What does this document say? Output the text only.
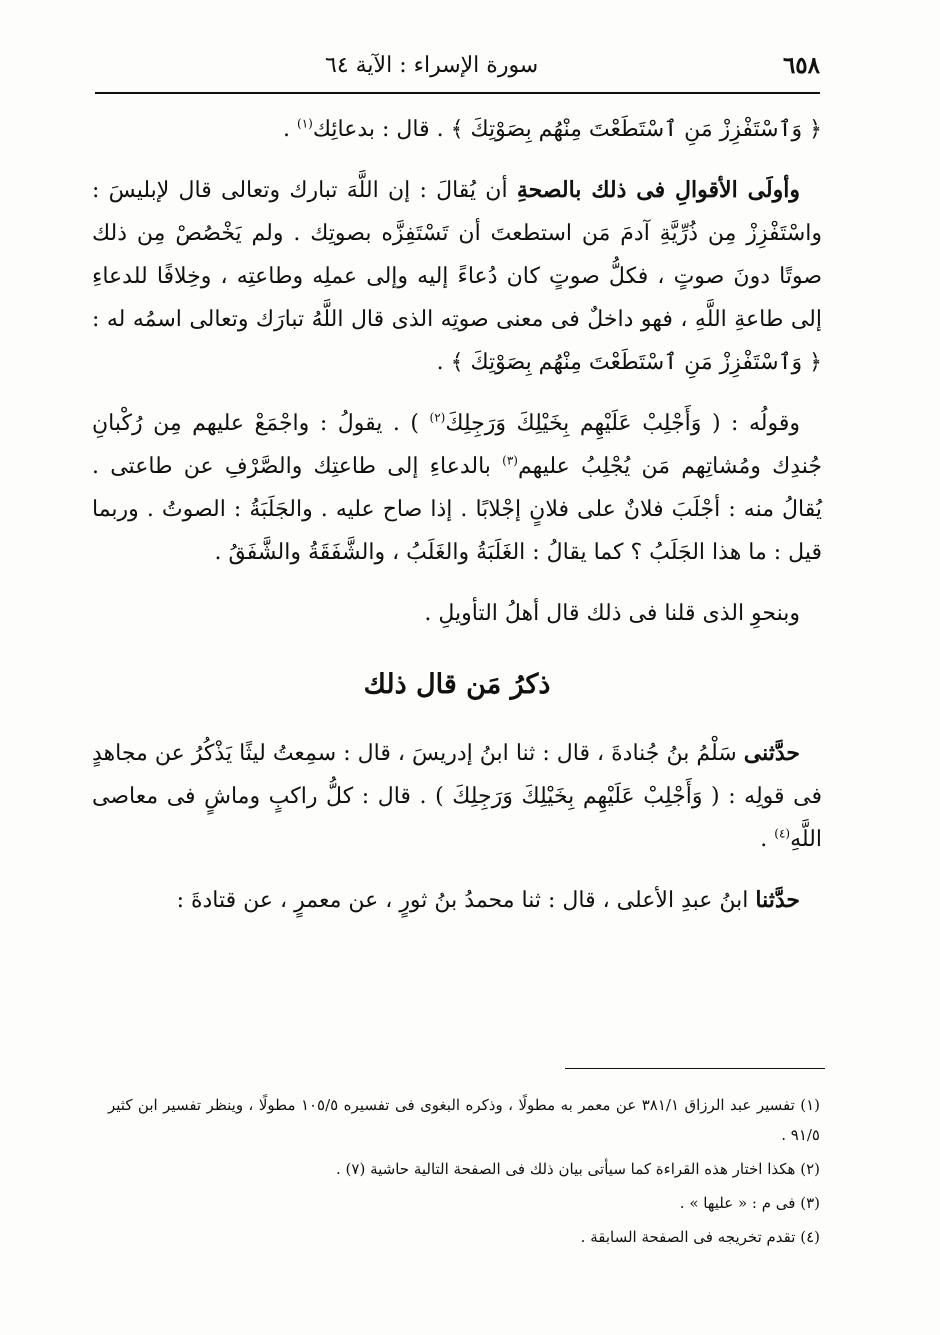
٦٥٨
سورة الإسراء : الآية ٦٤

﴿ وَٱسْتَفْزِزْ مَنِ ٱسْتَطَعْتَ مِنْهُم بِصَوْتِكَ ﴾ . قال : بدعائِك$^{(١)}$ .

وأولَى الأقوالِ فى ذلك بالصحةِ أن يُقالَ : إن اللَّهَ تبارك وتعالى قال لإبليسَ : واسْتَفْزِزْ مِن ذُرِّيَّةِ آدمَ مَن استطعتَ أن تَسْتَفِزَّه بصوتِك . ولم يَخْصُصْ مِن ذلك صوتًا دونَ صوتٍ ، فكلُّ صوتٍ كان دُعاءً إليه وإلى عملِه وطاعتِه ، وخِلافًا للدعاءِ إلى طاعةِ اللَّهِ ، فهو داخلٌ فى معنى صوتِه الذى قال اللَّهُ تبارَك وتعالى اسمُه له : ﴿ وَٱسْتَفْزِزْ مَنِ ٱسْتَطَعْتَ مِنْهُم بِصَوْتِكَ ﴾ .

وقولُه : ( وَأَجْلِبْ عَلَيْهِم بِخَيْلِكَ وَرَجِلِكَ$^{(٢)}$ ) . يقولُ : واجْمَعْ عليهم مِن رُكْبانِ جُندِك ومُشاتِهم مَن يُجْلِبُ عليهم$^{(٣)}$ بالدعاءِ إلى طاعتِك والصَّرْفِ عن طاعتى . يُقالُ منه : أجْلَبَ فلانٌ على فلانٍ إجْلابًا . إذا صاح عليه . والجَلَبَةُ : الصوتُ . وربما قيل : ما هذا الجَلَبُ ؟ كما يقالُ : الغَلَبَةُ والغَلَبُ ، والشَّفَقَةُ والشَّفَقُ .

وبنحوِ الذى قلنا فى ذلك قال أهلُ التأويلِ .

ذكرُ مَن قال ذلك

حدَّثنى سَلْمُ بنُ جُنادةَ ، قال : ثنا ابنُ إدريسَ ، قال : سمِعتُ ليثًا يَذْكُرُ عن مجاهدٍ فى قولِه : ( وَأَجْلِبْ عَلَيْهِم بِخَيْلِكَ وَرَجِلِكَ ) . قال : كلُّ راكبٍ وماشٍ فى معاصى اللَّهِ$^{(٤)}$ .

حدَّثنا ابنُ عبدِ الأعلى ، قال : ثنا محمدُ بنُ ثورٍ ، عن معمرٍ ، عن قتادةَ :

(١) تفسير عبد الرزاق ٣٨١/١ عن معمر به مطولًا ، وذكره البغوى فى تفسيره ١٠٥/٥ مطولًا ، وينظر تفسير ابن كثير ٩١/٥ .

(٢) هكذا اختار هذه القراءة كما سيأتى بيان ذلك فى الصفحة التالية حاشية (٧) .

(٣) فى م : « عليها » .

(٤) تقدم تخريجه فى الصفحة السابقة .
